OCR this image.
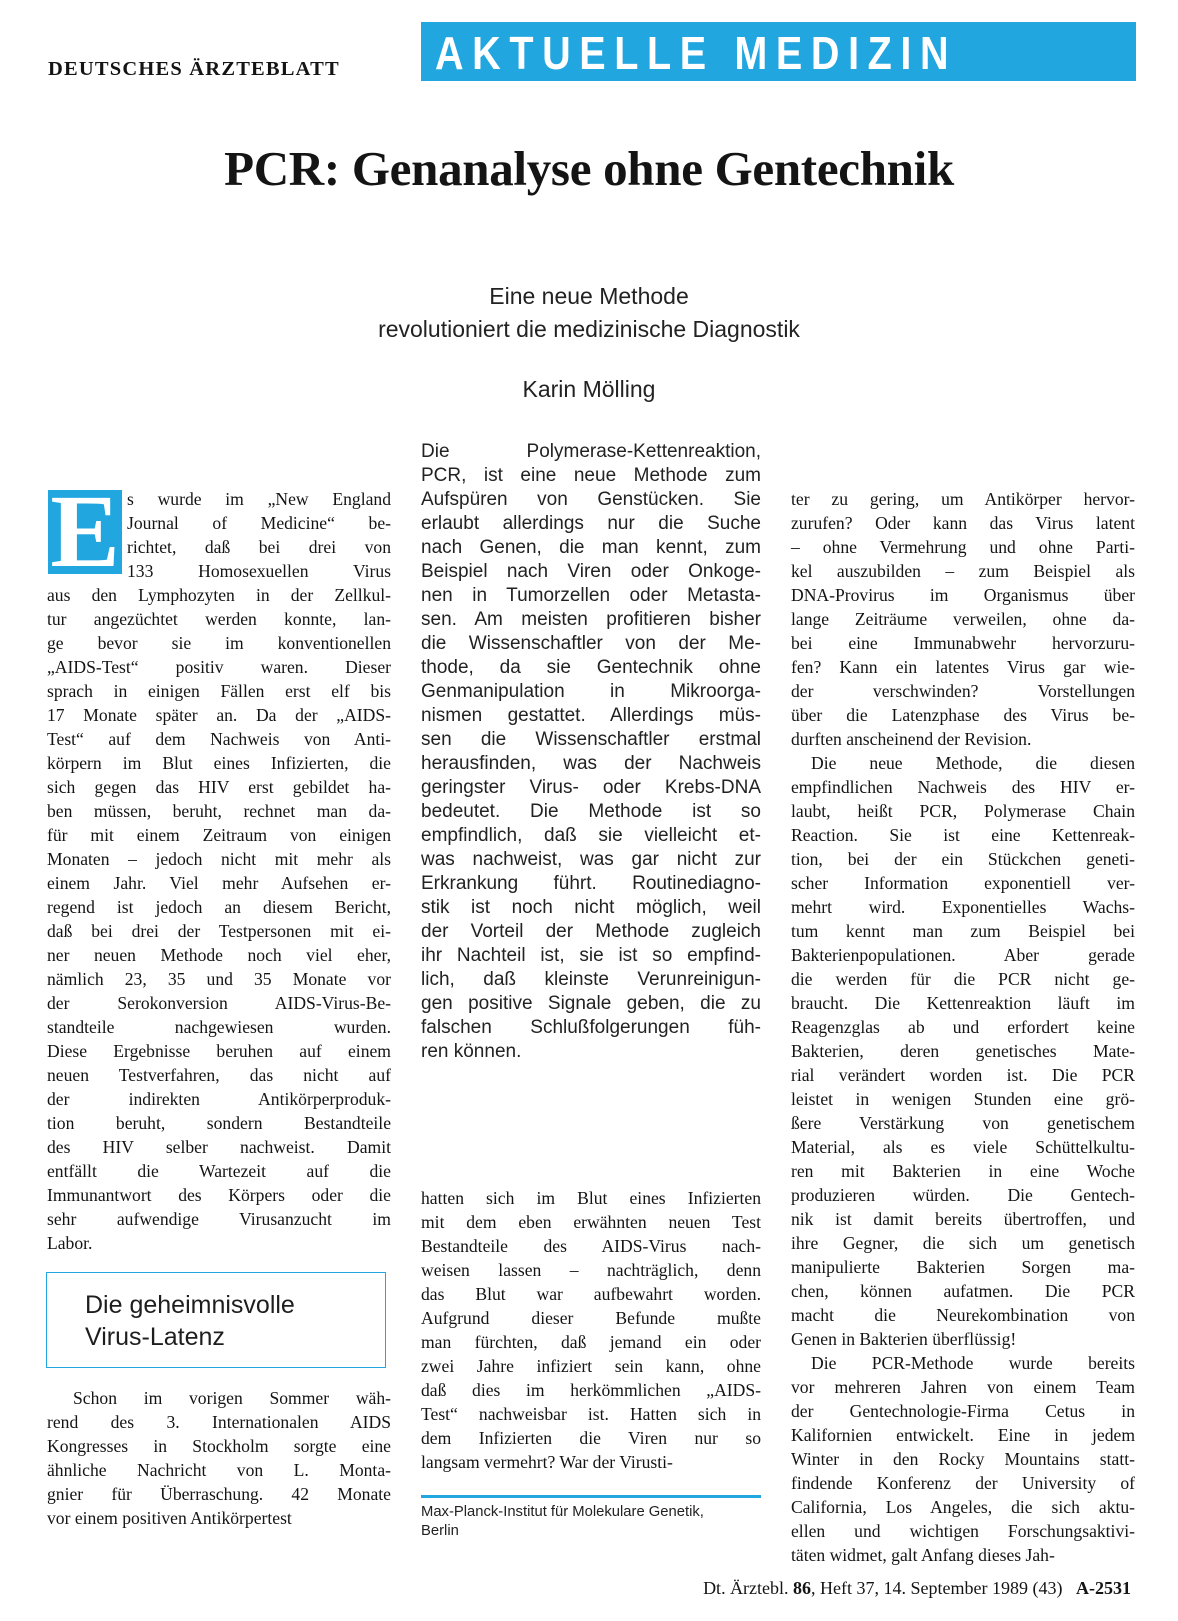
DEUTSCHES ÄRZTEBLATT AKTUELLE MEDIZIN
PCR: Genanalyse ohne Gentechnik
Eine neue Methode
revolutioniert die medizinische Diagnostik
Karin Mölling
E s wurde im „New England
Journal of Medicine“ be-
richtet, daß bei drei von
133 Homosexuellen Virus
aus den Lymphozyten in der Zellkul-
tur angezüchtet werden konnte, lan-
ge bevor sie im konventionellen
„AIDS-Test“ positiv waren. Dieser
sprach in einigen Fällen erst elf bis
17 Monate später an. Da der „AIDS-
Test“ auf dem Nachweis von Anti-
körpern im Blut eines Infizierten, die
sich gegen das HIV erst gebildet ha-
ben müssen, beruht, rechnet man da-
für mit einem Zeitraum von einigen
Monaten – jedoch nicht mit mehr als
einem Jahr. Viel mehr Aufsehen er-
regend ist jedoch an diesem Bericht,
daß bei drei der Testpersonen mit ei-
ner neuen Methode noch viel eher,
nämlich 23, 35 und 35 Monate vor
der Serokonversion AIDS-Virus-Be-
standteile nachgewiesen wurden.
Diese Ergebnisse beruhen auf einem
neuen Testverfahren, das nicht auf
der indirekten Antikörperproduk-
tion beruht, sondern Bestandteile
des HIV selber nachweist. Damit
entfällt die Wartezeit auf die
Immunantwort des Körpers oder die
sehr aufwendige Virusanzucht im
Labor.
Die geheimnisvolle
Virus-Latenz
Schon im vorigen Sommer wäh-
rend des 3. Internationalen AIDS
Kongresses in Stockholm sorgte eine
ähnliche Nachricht von L. Monta-
gnier für Überraschung. 42 Monate
vor einem positiven Antikörpertest
Die Polymerase-Kettenreaktion,
PCR, ist eine neue Methode zum
Aufspüren von Genstücken. Sie
erlaubt allerdings nur die Suche
nach Genen, die man kennt, zum
Beispiel nach Viren oder Onkoge-
nen in Tumorzellen oder Metasta-
sen. Am meisten profitieren bisher
die Wissenschaftler von der Me-
thode, da sie Gentechnik ohne
Genmanipulation in Mikroorga-
nismen gestattet. Allerdings müs-
sen die Wissenschaftler erstmal
herausfinden, was der Nachweis
geringster Virus- oder Krebs-DNA
bedeutet. Die Methode ist so
empfindlich, daß sie vielleicht et-
was nachweist, was gar nicht zur
Erkrankung führt. Routinediagno-
stik ist noch nicht möglich, weil
der Vorteil der Methode zugleich
ihr Nachteil ist, sie ist so empfind-
lich, daß kleinste Verunreinigun-
gen positive Signale geben, die zu
falschen Schlußfolgerungen füh-
ren können.
hatten sich im Blut eines Infizierten
mit dem eben erwähnten neuen Test
Bestandteile des AIDS-Virus nach-
weisen lassen – nachträglich, denn
das Blut war aufbewahrt worden.
Aufgrund dieser Befunde mußte
man fürchten, daß jemand ein oder
zwei Jahre infiziert sein kann, ohne
daß dies im herkömmlichen „AIDS-
Test“ nachweisbar ist. Hatten sich in
dem Infizierten die Viren nur so
langsam vermehrt? War der Virusti-
Max-Planck-Institut für Molekulare Genetik,
Berlin
ter zu gering, um Antikörper hervor-
zurufen? Oder kann das Virus latent
– ohne Vermehrung und ohne Parti-
kel auszubilden – zum Beispiel als
DNA-Provirus im Organismus über
lange Zeiträume verweilen, ohne da-
bei eine Immunabwehr hervorzuru-
fen? Kann ein latentes Virus gar wie-
der verschwinden? Vorstellungen
über die Latenzphase des Virus be-
durften anscheinend der Revision.
Die neue Methode, die diesen
empfindlichen Nachweis des HIV er-
laubt, heißt PCR, Polymerase Chain
Reaction. Sie ist eine Kettenreak-
tion, bei der ein Stückchen geneti-
scher Information exponentiell ver-
mehrt wird. Exponentielles Wachs-
tum kennt man zum Beispiel bei
Bakterienpopulationen. Aber gerade
die werden für die PCR nicht ge-
braucht. Die Kettenreaktion läuft im
Reagenzglas ab und erfordert keine
Bakterien, deren genetisches Mate-
rial verändert worden ist. Die PCR
leistet in wenigen Stunden eine grö-
ßere Verstärkung von genetischem
Material, als es viele Schüttelkultu-
ren mit Bakterien in eine Woche
produzieren würden. Die Gentech-
nik ist damit bereits übertroffen, und
ihre Gegner, die sich um genetisch
manipulierte Bakterien Sorgen ma-
chen, können aufatmen. Die PCR
macht die Neurekombination von
Genen in Bakterien überflüssig!
Die PCR-Methode wurde bereits
vor mehreren Jahren von einem Team
der Gentechnologie-Firma Cetus in
Kalifornien entwickelt. Eine in jedem
Winter in den Rocky Mountains statt-
findende Konferenz der University of
California, Los Angeles, die sich aktu-
ellen und wichtigen Forschungsaktivi-
täten widmet, galt Anfang dieses Jah-
Dt. Ärztebl. 86, Heft 37, 14. September 1989 (43) A-2531
